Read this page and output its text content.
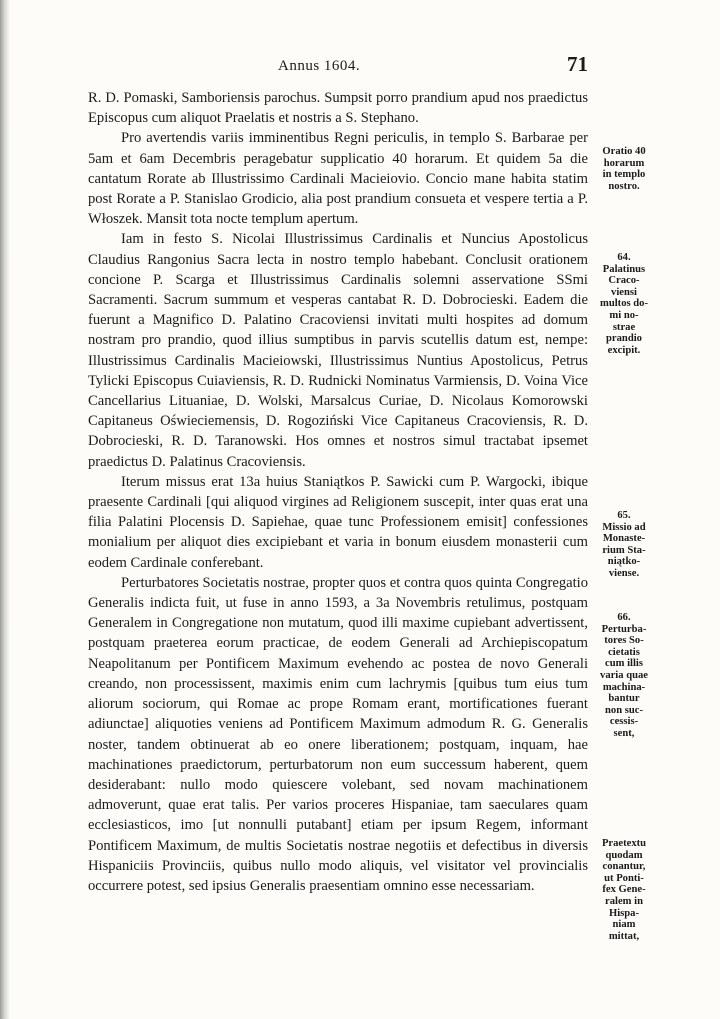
Annus 1604.	71

R. D. Pomaski, Samboriensis parochus. Sumpsit porro prandium apud nos praedictus Episcopus cum aliquot Praelatis et nostris a S. Stephano.

Pro avertendis variis imminentibus Regni periculis, in templo S. Barbarae per 5am et 6am Decembris peragebatur supplicatio 40 horarum. Et quidem 5a die cantatum Rorate ab Illustrissimo Cardinali Macieiovio. Concio mane habita statim post Rorate a P. Stanislao Grodicio, alia post prandium consueta et vespere tertia a P. Włoszek. Mansit tota nocte templum apertum.

Iam in festo S. Nicolai Illustrissimus Cardinalis et Nuncius Apostolicus Claudius Rangonius Sacra lecta in nostro templo habebant. Conclusit orationem concione P. Scarga et Illustrissimus Cardinalis solemni asservatione SSmi Sacramenti. Sacrum summum et vesperas cantabat R. D. Dobrocieski. Eadem die fuerunt a Magnifico D. Palatino Cracoviensi invitati multi hospites ad domum nostram pro prandio, quod illius sumptibus in parvis scutellis datum est, nempe: Illustrissimus Cardinalis Macieiowski, Illustrissimus Nuntius Apostolicus, Petrus Tylicki Episcopus Cuiaviensis, R. D. Rudnicki Nominatus Varmiensis, D. Voina Vice Cancellarius Lituaniae, D. Wolski, Marsalcus Curiae, D. Nicolaus Komorowski Capitaneus Oświeciemensis, D. Rogoziński Vice Capitaneus Cracoviensis, R. D. Dobrocieski, R. D. Taranowski. Hos omnes et nostros simul tractabat ipsemet praedictus D. Palatinus Cracoviensis.

Iterum missus erat 13a huius Staniątkos P. Sawicki cum P. Wargocki, ibique praesente Cardinali [qui aliquod virgines ad Religionem suscepit, inter quas erat una filia Palatini Plocensis D. Sapiehae, quae tunc Professionem emisit] confessiones monialium per aliquot dies excipiebant et varia in bonum eiusdem monasterii cum eodem Cardinale conferebant.

Perturbatores Societatis nostrae, propter quos et contra quos quinta Congregatio Generalis indicta fuit, ut fuse in anno 1593, a 3a Novembris retulimus, postquam Generalem in Congregatione non mutatum, quod illi maxime cupiebant advertissent, postquam praeterea eorum practicae, de eodem Generali ad Archiepiscopatum Neapolitanum per Pontificem Maximum evehendo ac postea de novo Generali creando, non processissent, maximis enim cum lachrymis [quibus tum eius tum aliorum sociorum, qui Romae ac prope Romam erant, mortificationes fuerant adiunctae] aliquoties veniens ad Pontificem Maximum admodum R. G. Generalis noster, tandem obtinuerat ab eo onere liberationem; postquam, inquam, hae machinationes praedictorum, perturbatorum non eum successum haberent, quem desiderabant: nullo modo quiescere volebant, sed novam machinationem admoverunt, quae erat talis. Per varios proceres Hispaniae, tam saeculares quam ecclesiasticos, imo [ut nonnulli putabant] etiam per ipsum Regem, informant Pontificem Maximum, de multis Societatis nostrae negotiis et defectibus in diversis Hispaniciis Provinciis, quibus nullo modo aliquis, vel visitator vel provincialis occurrere potest, sed ipsius Generalis praesentiam omnino esse necessariam.

Oratio 40
horarum
in templo
nostro.
64.
Palatinus
Craco-
viensi
multos do-
mi no-
strae
prandio
excipit.
65.
Missio ad
Monaste-
rium Sta-
niątko-
viense.
66.
Perturba-
tores So-
cietatis
cum illis
varia quae
machina-
bantur
non suc-
cessis-
sent,
Praetextu
quodam
conantur,
ut Ponti-
fex Gene-
ralem in
Hispa-
niam
mittat,
